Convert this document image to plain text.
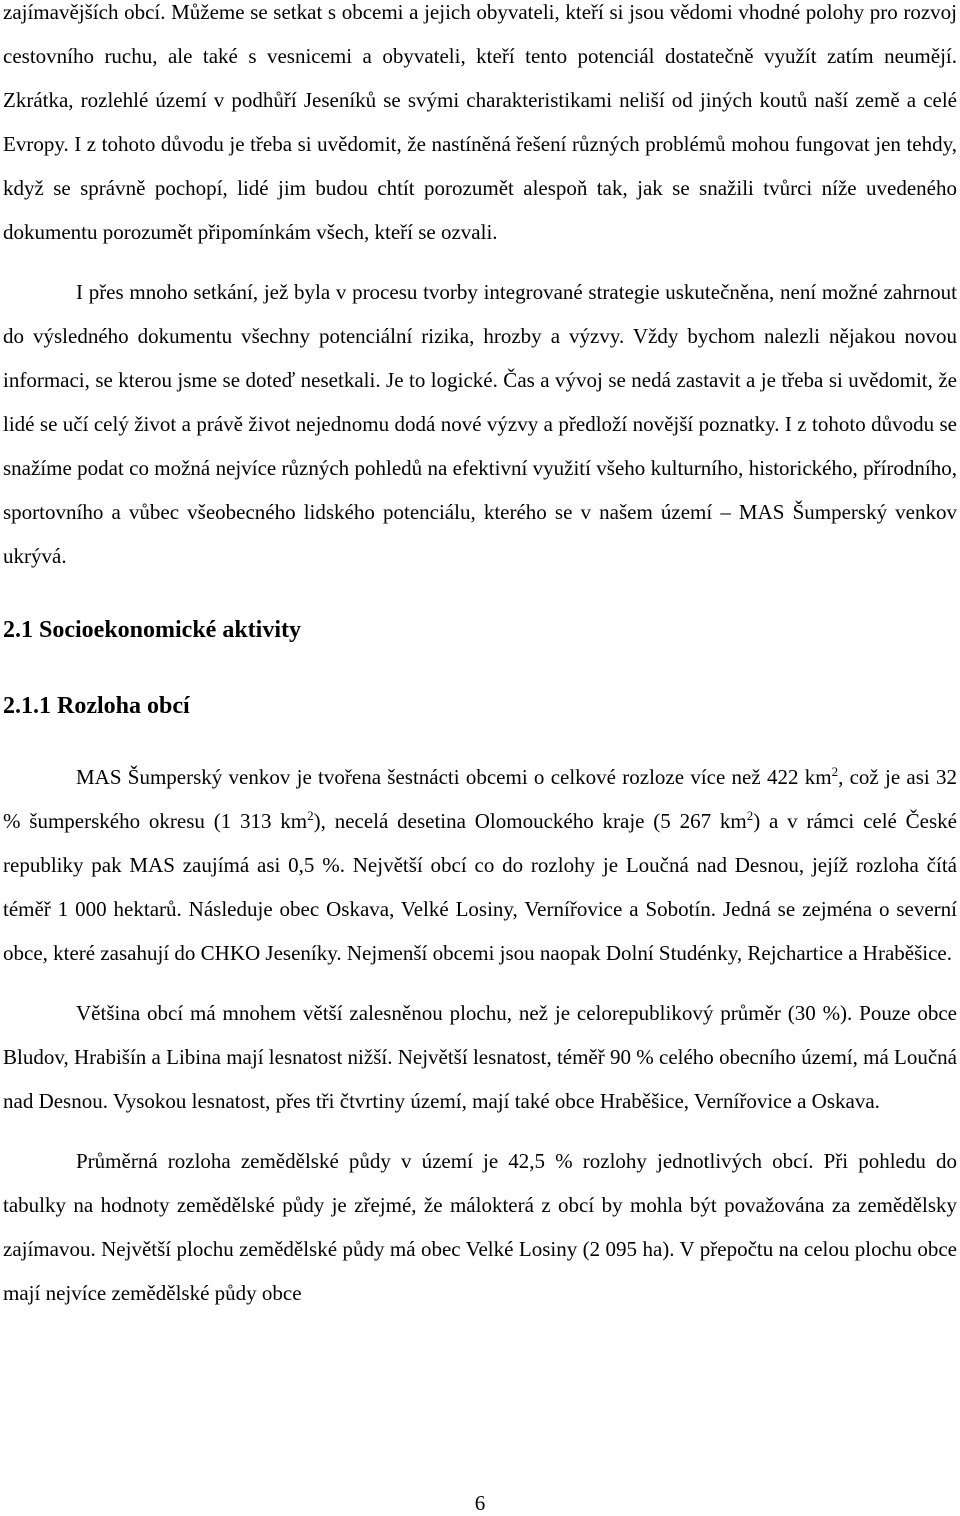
zajímavějších obcí. Můžeme se setkat s obcemi a jejich obyvateli, kteří si jsou vědomi vhodné polohy pro rozvoj cestovního ruchu, ale také s vesnicemi a obyvateli, kteří tento potenciál dostatečně využít zatím neumějí. Zkrátka, rozlehlé území v podhůří Jeseníků se svými charakteristikami neliší od jiných koutů naší země a celé Evropy. I z tohoto důvodu je třeba si uvědomit, že nastíněná řešení různých problémů mohou fungovat jen tehdy, když se správně pochopí, lidé jim budou chtít porozumět alespoň tak, jak se snažili tvůrci níže uvedeného dokumentu porozumět připomínkám všech, kteří se ozvali.

I přes mnoho setkání, jež byla v procesu tvorby integrované strategie uskutečněna, není možné zahrnout do výsledného dokumentu všechny potenciální rizika, hrozby a výzvy. Vždy bychom nalezli nějakou novou informaci, se kterou jsme se doteď nesetkali. Je to logické. Čas a vývoj se nedá zastavit a je třeba si uvědomit, že lidé se učí celý život a právě život nejednomu dodá nové výzvy a předloží novější poznatky. I z tohoto důvodu se snažíme podat co možná nejvíce různých pohledů na efektivní využití všeho kulturního, historického, přírodního, sportovního a vůbec všeobecného lidského potenciálu, kterého se v našem území – MAS Šumperský venkov ukrývá.

2.1 Socioekonomické aktivity
2.1.1 Rozloha obcí

MAS Šumperský venkov je tvořena šestnácti obcemi o celkové rozloze více než 422 $km^2$, což je asi 32 % šumperského okresu (1 313 $km^2$), necelá desetina Olomouckého kraje (5 267 $km^2$) a v rámci celé České republiky pak MAS zaujímá asi 0,5 %. Největší obcí co do rozlohy je Loučná nad Desnou, jejíž rozloha čítá téměř 1 000 hektarů. Následuje obec Oskava, Velké Losiny, Vernířovice a Sobotín. Jedná se zejména o severní obce, které zasahují do CHKO Jeseníky. Nejmenší obcemi jsou naopak Dolní Studénky, Rejchartice a Hraběšice.

Většina obcí má mnohem větší zalesněnou plochu, než je celorepublikový průměr (30 %). Pouze obce Bludov, Hrabišín a Libina mají lesnatost nižší. Největší lesnatost, téměř 90 % celého obecního území, má Loučná nad Desnou. Vysokou lesnatost, přes tři čtvrtiny území, mají také obce Hraběšice, Vernířovice a Oskava.

Průměrná rozloha zemědělské půdy v území je 42,5 % rozlohy jednotlivých obcí. Při pohledu do tabulky na hodnoty zemědělské půdy je zřejmé, že málokterá z obcí by mohla být považována za zemědělsky zajímavou. Největší plochu zemědělské půdy má obec Velké Losiny (2 095 ha). V přepočtu na celou plochu obce mají nejvíce zemědělské půdy obce

6
